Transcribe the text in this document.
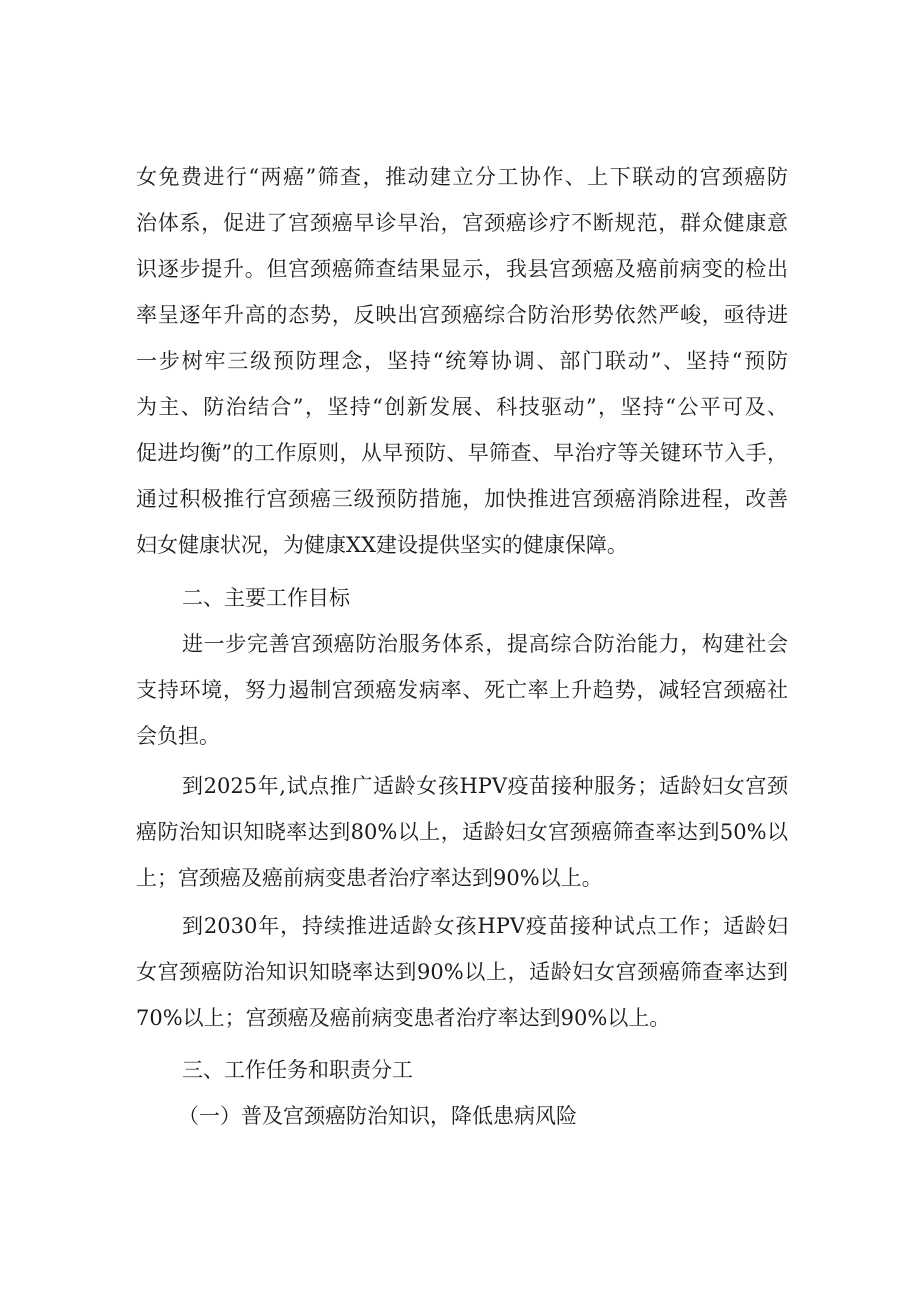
女免费进行“两癌”筛查，推动建立分工协作、上下联动的宫颈癌防
治体系，促进了宫颈癌早诊早治，宫颈癌诊疗不断规范，群众健康意
识逐步提升。但宫颈癌筛查结果显示，我县宫颈癌及癌前病变的检出
率呈逐年升高的态势，反映出宫颈癌综合防治形势依然严峻，亟待进
一步树牢三级预防理念，坚持“统筹协调、部门联动”、坚持“预防
为主、防治结合”，坚持“创新发展、科技驱动”，坚持“公平可及、
促进均衡”的工作原则，从早预防、早筛查、早治疗等关键环节入手，
通过积极推行宫颈癌三级预防措施，加快推进宫颈癌消除进程，改善
妇女健康状况，为健康XX建设提供坚实的健康保障。
二、主要工作目标
进一步完善宫颈癌防治服务体系，提高综合防治能力，构建社会
支持环境，努力遏制宫颈癌发病率、死亡率上升趋势，减轻宫颈癌社
会负担。
到2025年,试点推广适龄女孩HPV疫苗接种服务；适龄妇女宫颈
癌防治知识知晓率达到80%以上，适龄妇女宫颈癌筛查率达到50%以
上；宫颈癌及癌前病变患者治疗率达到90%以上。
到2030年，持续推进适龄女孩HPV疫苗接种试点工作；适龄妇
女宫颈癌防治知识知晓率达到90%以上，适龄妇女宫颈癌筛查率达到
70%以上；宫颈癌及癌前病变患者治疗率达到90%以上。
三、工作任务和职责分工
（一）普及宫颈癌防治知识，降低患病风险
